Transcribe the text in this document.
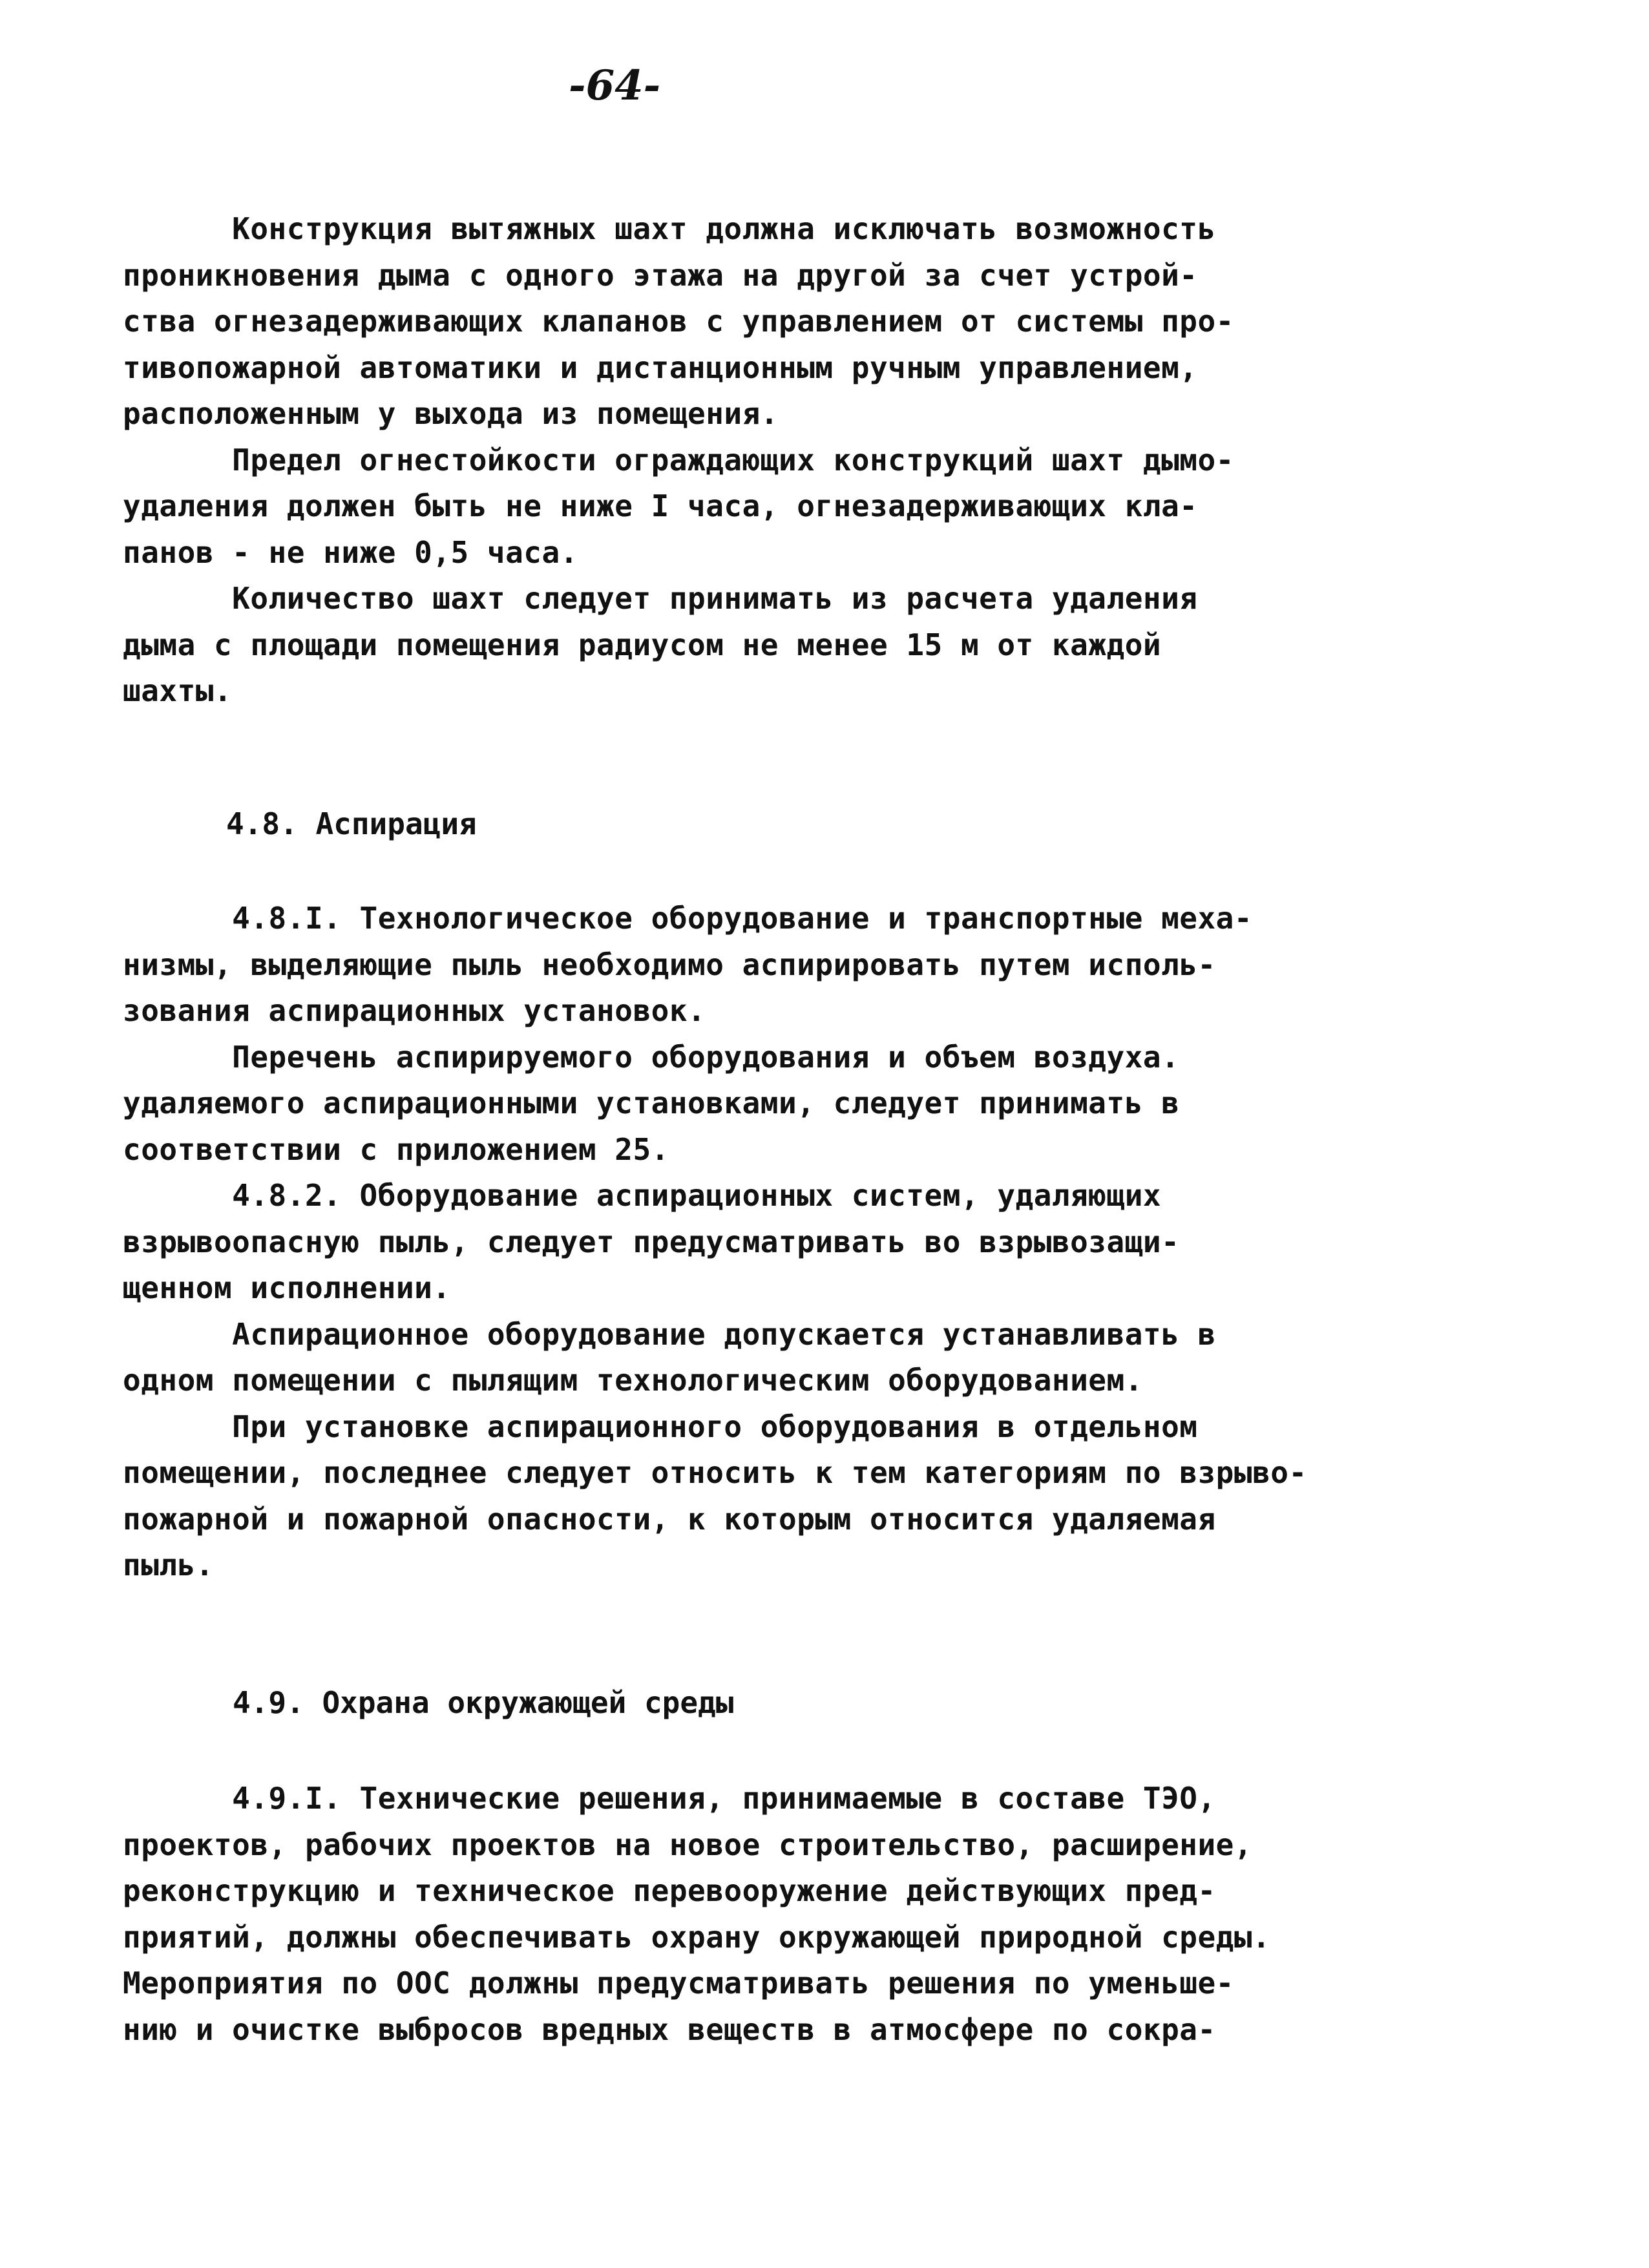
-64-
Конструкция вытяжных шахт должна исключать возможность
проникновения дыма с одного этажа на другой за счет устрой-
ства огнезадерживающих клапанов с управлением от системы про-
тивопожарной автоматики и дистанционным ручным управлением,
расположенным у выхода из помещения.
Предел огнестойкости ограждающих конструкций шахт дымо-
удаления должен быть не ниже I часа, огнезадерживающих кла-
панов - не ниже 0,5 часа.
Количество шахт следует принимать из расчета удаления
дыма с площади помещения радиусом не менее 15 м от каждой
шахты.
4.8. Аспирация
4.8.I. Технологическое оборудование и транспортные меха-
низмы, выделяющие пыль необходимо аспирировать путем исполь-
зования аспирационных установок.
Перечень аспирируемого оборудования и объем воздуха.
удаляемого аспирационными установками, следует принимать в
соответствии с приложением 25.
4.8.2. Оборудование аспирационных систем, удаляющих
взрывоопасную пыль, следует предусматривать во взрывозащи-
щенном исполнении.
Аспирационное оборудование допускается устанавливать в
одном помещении с пылящим технологическим оборудованием.
При установке аспирационного оборудования в отдельном
помещении, последнее следует относить к тем категориям по взрыво-
пожарной и пожарной опасности, к которым относится удаляемая
пыль.
4.9. Охрана окружающей среды
4.9.I. Технические решения, принимаемые в составе ТЭО,
проектов, рабочих проектов на новое строительство, расширение,
реконструкцию и техническое перевооружение действующих пред-
приятий, должны обеспечивать охрану окружающей природной среды.
Мероприятия по ООС должны предусматривать решения по уменьше-
нию и очистке выбросов вредных веществ в атмосфере по сокра-
